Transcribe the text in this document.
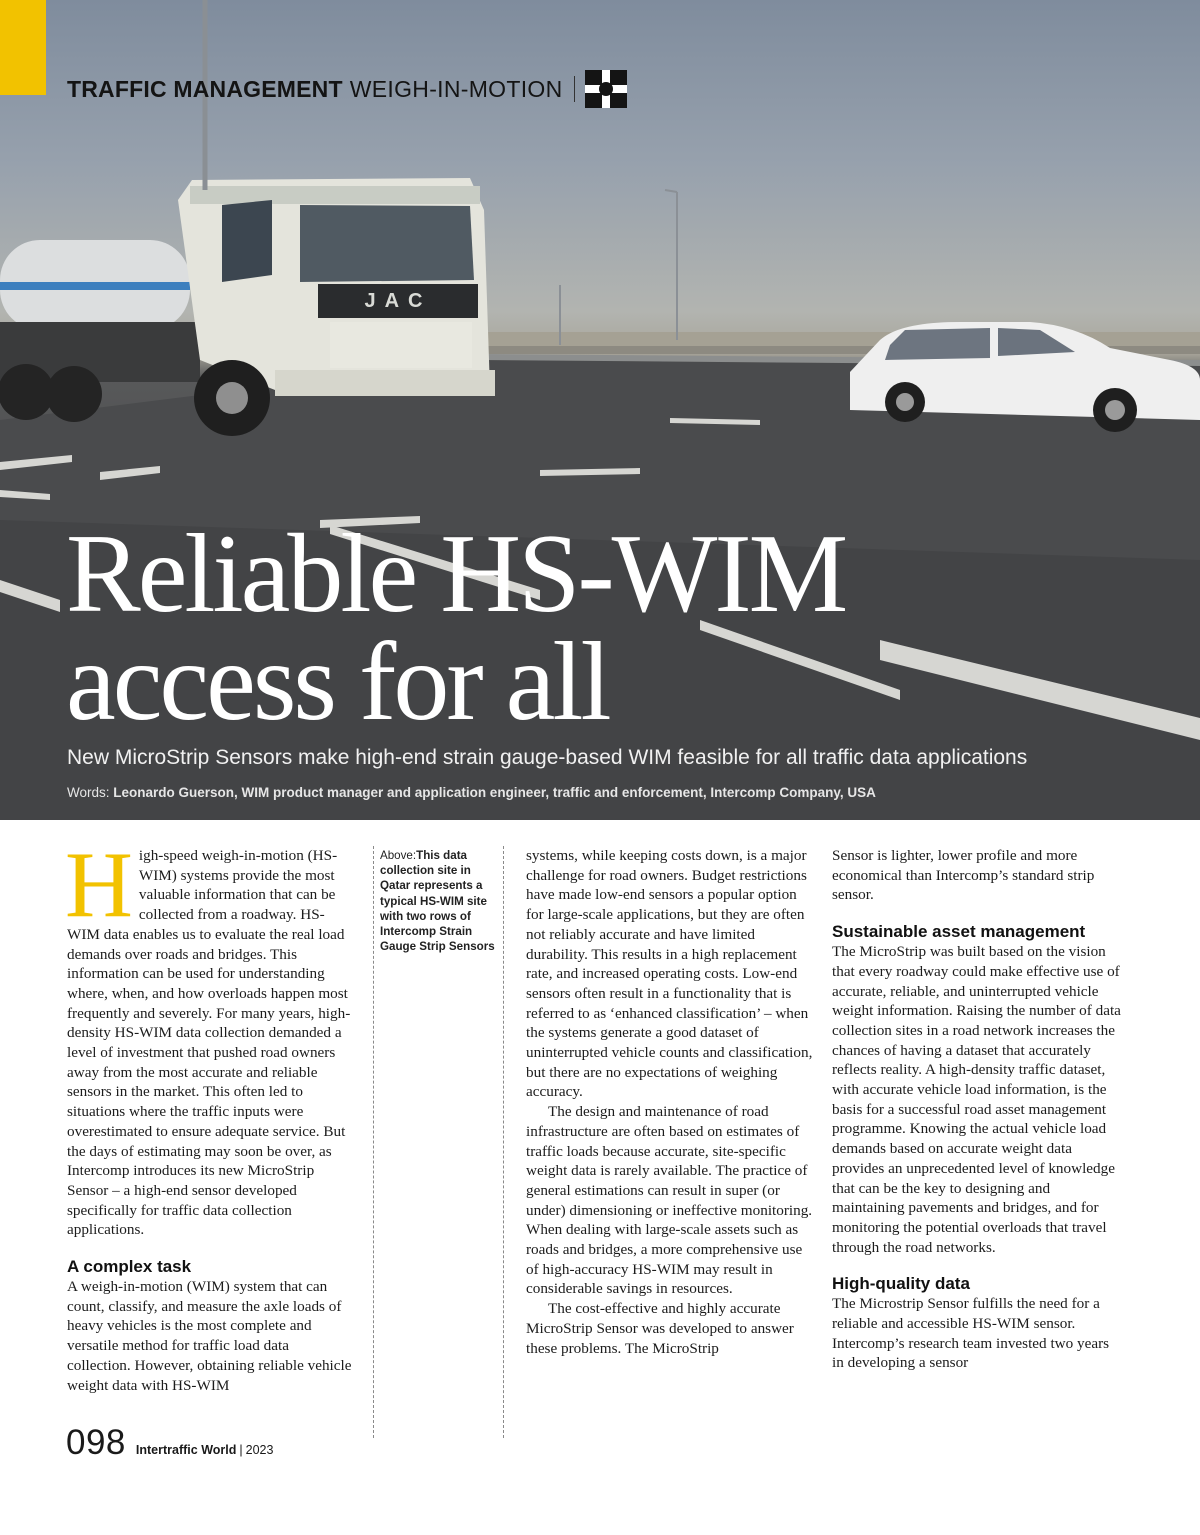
JAC
TRAFFIC MANAGEMENT WEIGH-IN-MOTION
Reliable HS-WIM
access for all
New MicroStrip Sensors make high-end strain gauge-based WIM feasible for all traffic data applications
Words: Leonardo Guerson, WIM product manager and application engineer, traffic and enforcement, Intercomp Company, USA

High-speed weigh-in-motion (HS-WIM) systems provide the most valuable information that can be collected from a roadway. HS-WIM data enables us to evaluate the real load demands over roads and bridges. This information can be used for understanding where, when, and how overloads happen most frequently and severely. For many years, high-density HS-WIM data collection demanded a level of investment that pushed road owners away from the most accurate and reliable sensors in the market. This often led to situations where the traffic inputs were overestimated to ensure adequate service. But the days of estimating may soon be over, as Intercomp introduces its new MicroStrip Sensor – a high-end sensor developed specifically for traffic data collection applications.

A complex task

A weigh-in-motion (WIM) system that can count, classify, and measure the axle loads of heavy vehicles is the most complete and versatile method for traffic load data collection. However, obtaining reliable vehicle weight data with HS-WIM

Above:This data collection site in Qatar represents a typical HS-WIM site with two rows of Intercomp Strain Gauge Strip Sensors

systems, while keeping costs down, is a major challenge for road owners. Budget restrictions have made low-end sensors a popular option for large-scale applications, but they are often not reliably accurate and have limited durability. This results in a high replacement rate, and increased operating costs. Low-end sensors often result in a functionality that is referred to as ‘enhanced classification’ – when the systems generate a good dataset of uninterrupted vehicle counts and classification, but there are no expectations of weighing accuracy.

The design and maintenance of road infrastructure are often based on estimates of traffic loads because accurate, site-specific weight data is rarely available. The practice of general estimations can result in super (or under) dimensioning or ineffective monitoring. When dealing with large-scale assets such as roads and bridges, a more comprehensive use of high-accuracy HS-WIM may result in considerable savings in resources.

The cost-effective and highly accurate MicroStrip Sensor was developed to answer these problems. The MicroStrip

Sensor is lighter, lower profile and more economical than Intercomp’s standard strip sensor.

Sustainable asset management

The MicroStrip was built based on the vision that every roadway could make effective use of accurate, reliable, and uninterrupted vehicle weight information. Raising the number of data collection sites in a road network increases the chances of having a dataset that accurately reflects reality. A high-density traffic dataset, with accurate vehicle load information, is the basis for a successful road asset management programme. Knowing the actual vehicle load demands based on accurate weight data provides an unprecedented level of knowledge that can be the key to designing and maintaining pavements and bridges, and for monitoring the potential overloads that travel through the road networks.

High-quality data

The Microstrip Sensor fulfills the need for a reliable and accessible HS-WIM sensor. Intercomp’s research team invested two years in developing a sensor

098 Intertraffic World | 2023
